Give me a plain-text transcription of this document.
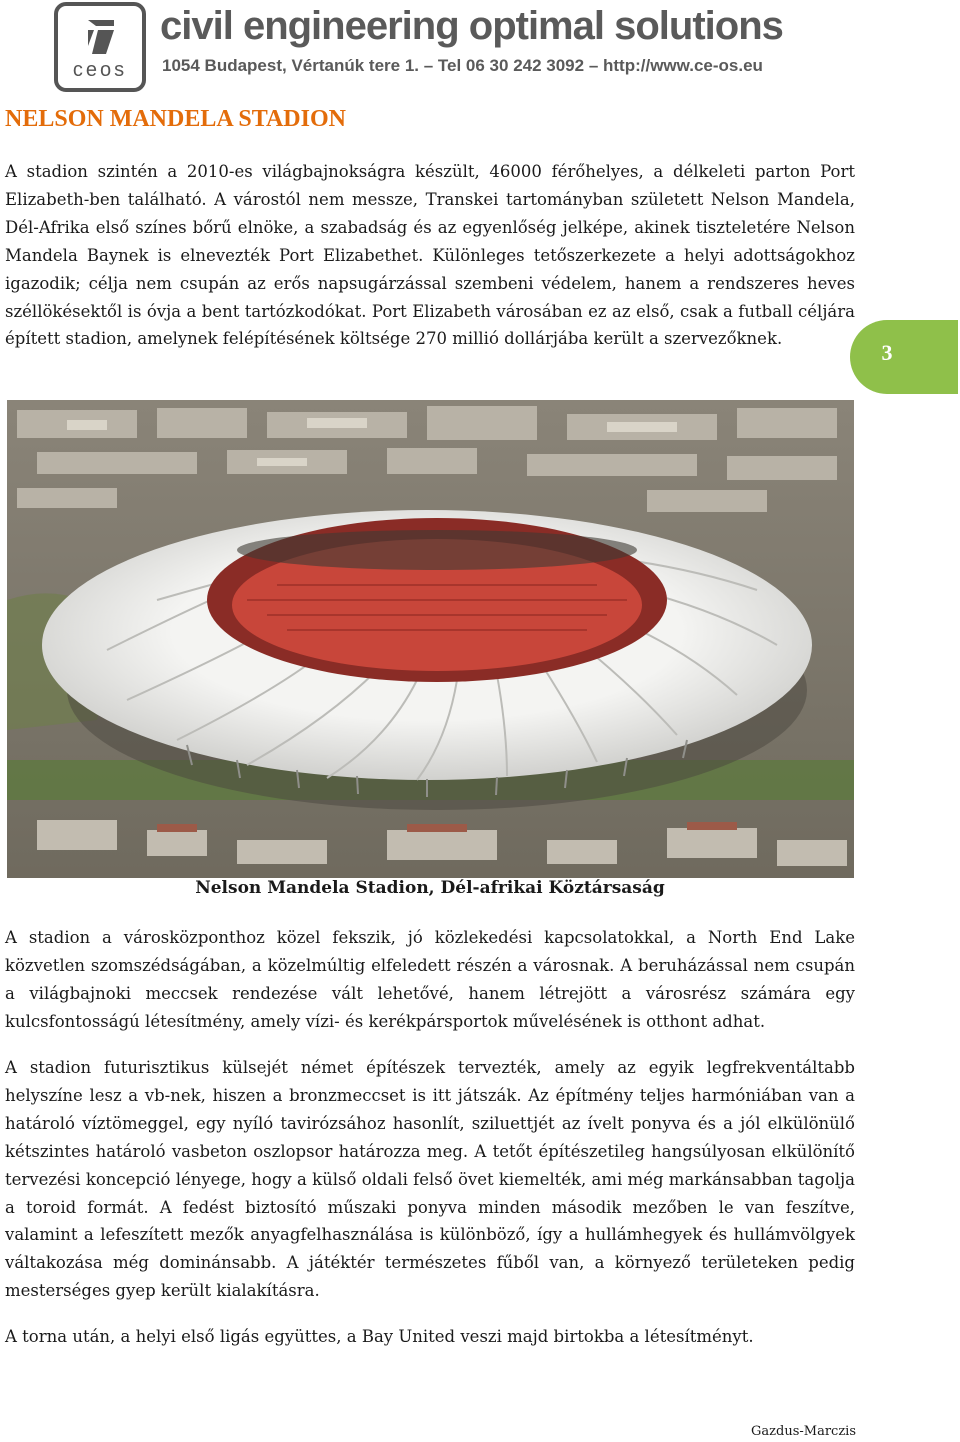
ceos
civil engineering optimal solutions
1054 Budapest, Vértanúk tere 1. – Tel 06 30 242 3092 – http://www.ce-os.eu
NELSON MANDELA STADION

A stadion szintén a 2010-es világbajnokságra készült, 46000 férőhelyes, a délkeleti parton Port Elizabeth-ben található. A várostól nem messze, Transkei tartományban született Nelson Mandela, Dél-Afrika első színes bőrű elnöke, a szabadság és az egyenlőség jelképe, akinek tiszteletére Nelson Mandela Baynek is elnevezték Port Elizabethet. Különleges tetőszerkezete a helyi adottságokhoz igazodik; célja nem csupán az erős napsugárzással szembeni védelem, hanem a rendszeres heves széllökésektől is óvja a bent tartózkodókat. Port Elizabeth városában ez az első, csak a futball céljára épített stadion, amelynek felépítésének költsége 270 millió dollárjába került a szervezőknek.

3
Nelson Mandela Stadion, Dél-afrikai Köztársaság

A stadion a városközponthoz közel fekszik, jó közlekedési kapcsolatokkal, a North End Lake közvetlen szomszédságában, a közelmúltig elfeledett részén a városnak. A beruházással nem csupán a világbajnoki meccsek rendezése vált lehetővé, hanem létrejött a városrész számára egy kulcsfontosságú létesítmény, amely vízi- és kerékpársportok művelésének is otthont adhat.

A stadion futurisztikus külsejét német építészek tervezték, amely az egyik legfrekventáltabb helyszíne lesz a vb-nek, hiszen a bronzmeccset is itt játszák. Az építmény teljes harmóniában van a határoló víztömeggel, egy nyíló tavirózsához hasonlít, sziluettjét az ívelt ponyva és a jól elkülönülő kétszintes határoló vasbeton oszlopsor határozza meg. A tetőt építészetileg hangsúlyosan elkülönítő tervezési koncepció lényege, hogy a külső oldali felső övet kiemelték, ami még markánsabban tagolja a toroid formát. A fedést biztosító műszaki ponyva minden második mezőben le van feszítve, valamint a lefeszített mezők anyagfelhasználása is különböző, így a hullámhegyek és hullámvölgyek váltakozása még dominánsabb. A játéktér természetes fűből van, a környező területeken pedig mesterséges gyep került kialakításra.

A torna után, a helyi első ligás együttes, a Bay United veszi majd birtokba a létesítményt.

Gazdus-Marczis
